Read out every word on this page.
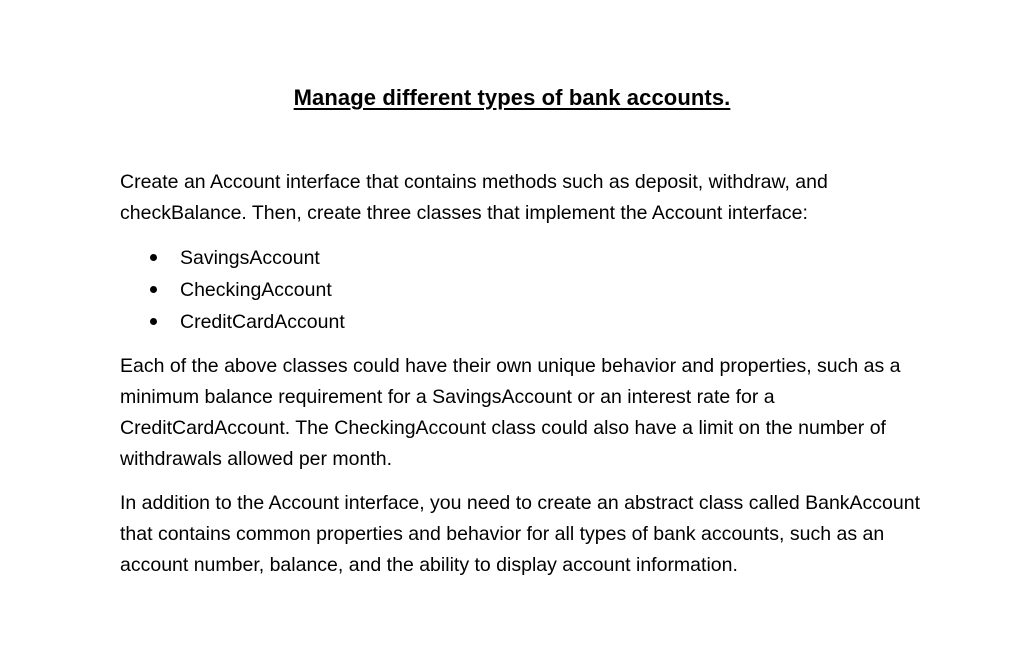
Manage different types of bank accounts.

Create an Account interface that contains methods such as deposit, withdraw, and checkBalance. Then, create three classes that implement the Account interface:

SavingsAccount
CheckingAccount
CreditCardAccount

Each of the above classes could have their own unique behavior and properties, such as a minimum balance requirement for a SavingsAccount or an interest rate for a CreditCardAccount. The CheckingAccount class could also have a limit on the number of withdrawals allowed per month.

In addition to the Account interface, you need to create an abstract class called BankAccount that contains common properties and behavior for all types of bank accounts, such as an account number, balance, and the ability to display account information.
